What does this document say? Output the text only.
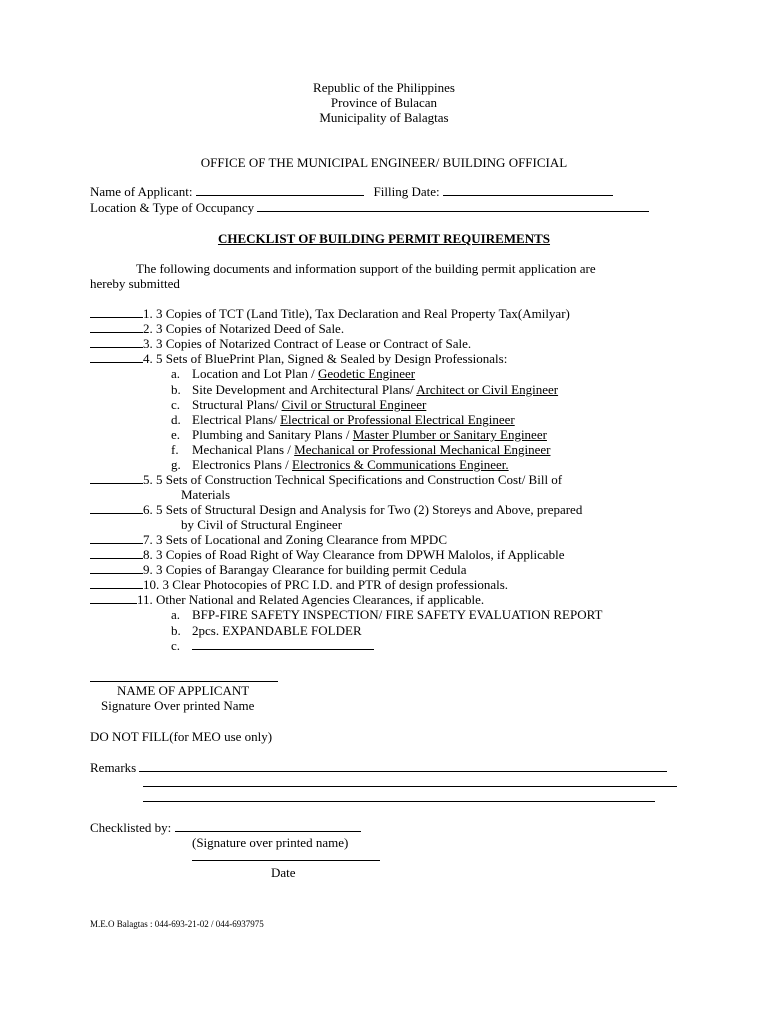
Republic of the Philippines
Province of Bulacan
Municipality of Balagtas
OFFICE OF THE MUNICIPAL ENGINEER/ BUILDING OFFICIAL
Name of Applicant:	Filling Date:
Location & Type of Occupancy
CHECKLIST OF BUILDING PERMIT REQUIREMENTS
The following documents and information support of the building permit application are
hereby submitted
1. 3 Copies of TCT (Land Title), Tax Declaration and Real Property Tax(Amilyar)
2. 3 Copies of Notarized Deed of Sale.
3. 3 Copies of Notarized Contract of Lease or Contract of Sale.
4. 5 Sets of BluePrint Plan, Signed & Sealed by Design Professionals:
a. Location and Lot Plan / Geodetic Engineer
b. Site Development and Architectural Plans/ Architect or Civil Engineer
c. Structural Plans/ Civil or Structural Engineer
d. Electrical Plans/ Electrical or Professional Electrical Engineer
e. Plumbing and Sanitary Plans / Master Plumber or Sanitary Engineer
f. Mechanical Plans / Mechanical or Professional Mechanical Engineer
g. Electronics Plans / Electronics & Communications Engineer.
5. 5 Sets of Construction Technical Specifications and Construction Cost/ Bill of
Materials
6. 5 Sets of Structural Design and Analysis for Two (2) Storeys and Above, prepared
by Civil of Structural Engineer
7. 3 Sets of Locational and Zoning Clearance from MPDC
8. 3 Copies of Road Right of Way Clearance from DPWH Malolos, if Applicable
9. 3 Copies of Barangay Clearance for building permit Cedula
10. 3 Clear Photocopies of PRC I.D. and PTR of design professionals.
11. Other National and Related Agencies Clearances, if applicable.
a. BFP-FIRE SAFETY INSPECTION/ FIRE SAFETY EVALUATION REPORT
b. 2pcs. EXPANDABLE FOLDER
c.
NAME OF APPLICANT
Signature Over printed Name
DO NOT FILL(for MEO use only)
Remarks
Checklisted by:
(Signature over printed name)
Date
M.E.O Balagtas : 044-693-21-02 / 044-6937975
